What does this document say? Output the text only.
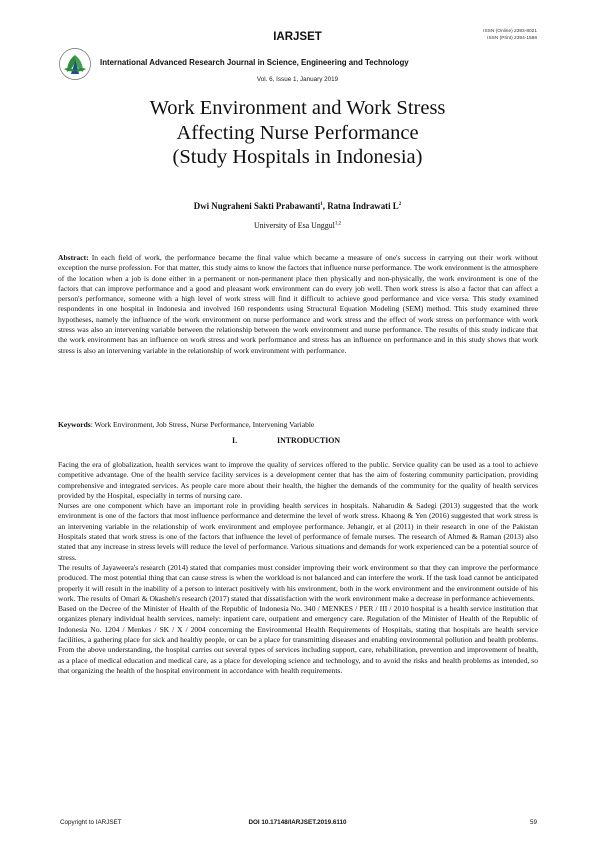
IARJSET	ISSN (Online) 2393-8021
ISSN (Print) 2394-1588
International Advanced Research Journal in Science, Engineering and Technology
Vol. 6, Issue 1, January 2019
Work Environment and Work Stress
Affecting Nurse Performance
(Study Hospitals in Indonesia)
Dwi Nugraheni Sakti Prabawanti$^1$, Ratna Indrawati $L^2$
University of Esa Unggul$^{1,2}$
Abstract: In each field of work, the performance became the final value which became a measure of one's success in carrying out their work without exception the nurse profession. For that matter, this study aims to know the factors that influence nurse performance. The work environment is the atmosphere of the location when a job is done either in a permanent or non-permanent place then physically and non-physically, the work environment is one of the factors that can improve performance and a good and pleasant work environment can do every job well. Then work stress is also a factor that can affect a person's performance, someone with a high level of work stress will find it difficult to achieve good performance and vice versa. This study examined respondents in one hospital in Indonesia and involved 160 respondents using Structural Equation Modeling (SEM) method. This study examined three hypotheses, namely the influence of the work environment on nurse performance and work stress and the effect of work stress on performance with work stress was also an intervening variable between the relationship between the work environment and nurse performance. The results of this study indicate that the work environment has an influence on work stress and work performance and stress has an influence on performance and in this study shows that work stress is also an intervening variable in the relationship of work environment with performance.
Keywords: Work Environment, Job Stress, Nurse Performance, Intervening Variable
I.	INTRODUCTION

Facing the era of globalization, health services want to improve the quality of services offered to the public. Service quality can be used as a tool to achieve competitive advantage. One of the health service facility services is a development center that has the aim of fostering community participation, providing comprehensive and integrated services. As people care more about their health, the higher the demands of the community for the quality of health services provided by the Hospital, especially in terms of nursing care.

Nurses are one component which have an important role in providing health services in hospitals. Naharudin & Sadegi (2013) suggested that the work environment is one of the factors that most influence performance and determine the level of work stress. Khaong & Yen (2016) suggested that work stress is an intervening variable in the relationship of work environment and employee performance. Jehangir, et al (2011) in their research in one of the Pakistan Hospitals stated that work stress is one of the factors that influence the level of performance of female nurses. The research of Ahmed & Raman (2013) also stated that any increase in stress levels will reduce the level of performance. Various situations and demands for work experienced can be a potential source of stress.

The results of Jayaweera's research (2014) stated that companies must consider improving their work environment so that they can improve the performance produced. The most potential thing that can cause stress is when the workload is not balanced and can interfere the work. If the task load cannot be anticipated properly it will result in the inability of a person to interact positively with his environment, both in the work environment and the environment outside of his work. The results of Omari & Okasheh's research (2017) stated that dissatisfaction with the work environment make a decrease in performance achievements.

Based on the Decree of the Minister of Health of the Republic of Indonesia No. 340 / MENKES / PER / III / 2010 hospital is a health service institution that organizes plenary individual health services, namely: inpatient care, outpatient and emergency care. Regulation of the Minister of Health of the Republic of Indonesia No. 1204 / Menkes / SK / X / 2004 concerning the Environmental Health Requirements of Hospitals, stating that hospitals are health service facilities, a gathering place for sick and healthy people, or can be a place for transmitting diseases and enabling environmental pollution and health problems. From the above understanding, the hospital carries out several types of services including support, care, rehabilitation, prevention and improvement of health, as a place of medical education and medical care, as a place for developing science and technology, and to avoid the risks and health problems as intended, so that organizing the health of the hospital environment in accordance with health requirements.

Copyright to IARJSET	DOI 10.17148/IARJSET.2019.6110	59
